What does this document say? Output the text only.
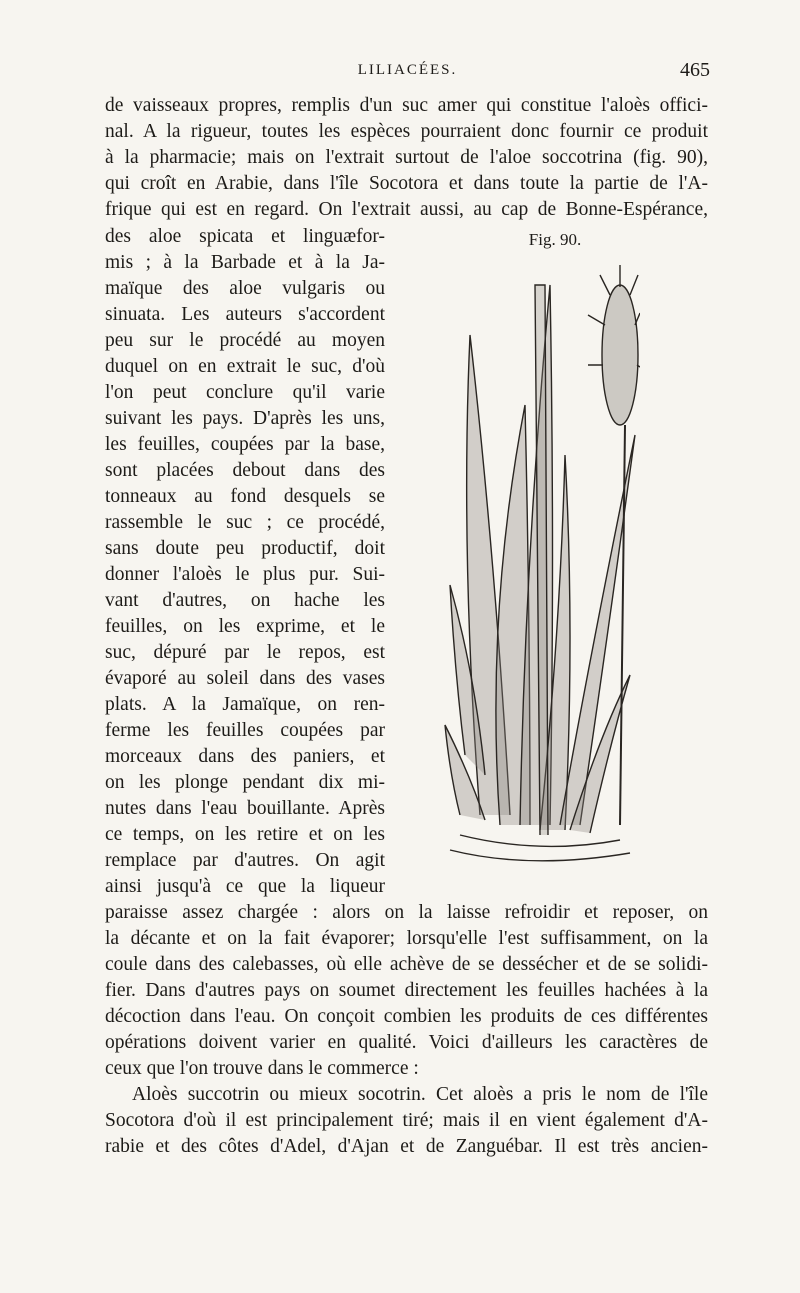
LILIACÉES.	465
de vaisseaux propres, remplis d'un suc amer qui constitue l'aloès offici-
nal. A la rigueur, toutes les espèces pourraient donc fournir ce produit
à la pharmacie; mais on l'extrait surtout de l'aloe soccotrina (fig. 90),
qui croît en Arabie, dans l'île Socotora et dans toute la partie de l'A-
frique qui est en regard. On l'extrait aussi, au cap de Bonne-Espérance,
des aloe spicata et linguæfor-
mis ; à la Barbade et à la Ja-
maïque des aloe vulgaris ou
sinuata. Les auteurs s'accordent
peu sur le procédé au moyen
duquel on en extrait le suc, d'où
l'on peut conclure qu'il varie
suivant les pays. D'après les uns,
les feuilles, coupées par la base,
sont placées debout dans des
tonneaux au fond desquels se
rassemble le suc ; ce procédé,
sans doute peu productif, doit
donner l'aloès le plus pur. Sui-
vant d'autres, on hache les
feuilles, on les exprime, et le
suc, dépuré par le repos, est
évaporé au soleil dans des vases
plats. A la Jamaïque, on ren-
ferme les feuilles coupées par
morceaux dans des paniers, et
on les plonge pendant dix mi-
nutes dans l'eau bouillante. Après
ce temps, on les retire et on les
remplace par d'autres. On agit
ainsi jusqu'à ce que la liqueur
paraisse assez chargée : alors on la laisse refroidir et reposer, on
la décante et on la fait évaporer; lorsqu'elle l'est suffisamment, on la
coule dans des calebasses, où elle achève de se dessécher et de se solidi-
fier. Dans d'autres pays on soumet directement les feuilles hachées à la
décoction dans l'eau. On conçoit combien les produits de ces différentes
opérations doivent varier en qualité. Voici d'ailleurs les caractères de
ceux que l'on trouve dans le commerce :
Aloès succotrin ou mieux socotrin. Cet aloès a pris le nom de l'île
Socotora d'où il est principalement tiré; mais il en vient également d'A-
rabie et des côtes d'Adel, d'Ajan et de Zanguébar. Il est très ancien-
Fig. 90.
